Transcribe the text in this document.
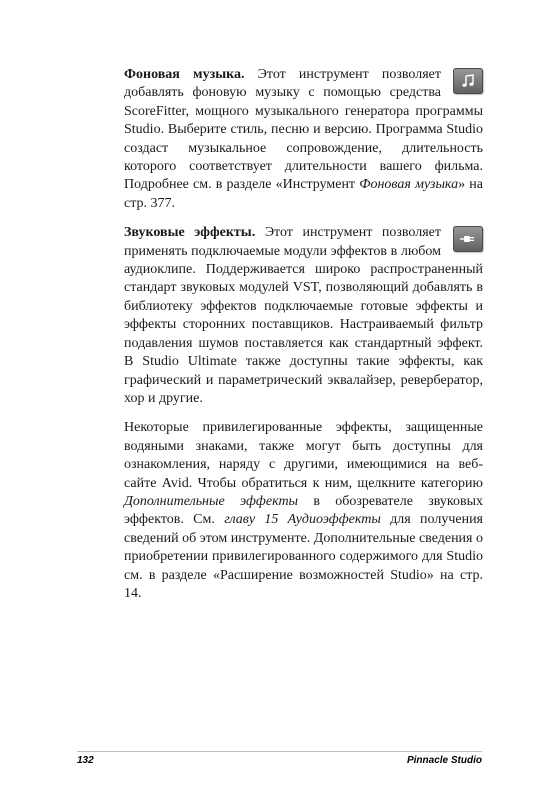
Фоновая музыка. Этот инструмент позволяет добавлять фоновую музыку с помощью средства ScoreFitter, мощного музыкального генератора программы Studio. Выберите стиль, песню и версию. Программа Studio создаст музыкальное сопровождение, длительность которого соответствует длительности вашего фильма. Подробнее см. в разделе «Инструмент Фоновая музыка» на стр. 377.

Звуковые эффекты. Этот инструмент позволяет применять подключаемые модули эффектов в любом аудиоклипе. Поддерживается широко распространенный стандарт звуковых модулей VST, позволяющий добавлять в библиотеку эффектов подключаемые готовые эффекты и эффекты сторонних поставщиков. Настраиваемый фильтр подавления шумов поставляется как стандартный эффект. В Studio Ultimate также доступны такие эффекты, как графический и параметрический эквалайзер, ревербератор, хор и другие.

Некоторые привилегированные эффекты, защищенные водяными знаками, также могут быть доступны для ознакомления, наряду с другими, имеющимися на веб-сайте Avid. Чтобы обратиться к ним, щелкните категорию Дополнительные эффекты в обозревателе звуковых эффектов. См. главу 15 Аудиоэффекты для получения сведений об этом инструменте. Дополнительные сведения о приобретении привилегированного содержимого для Studio см. в разделе «Расширение возможностей Studio» на стр. 14.

132	Pinnacle Studio
